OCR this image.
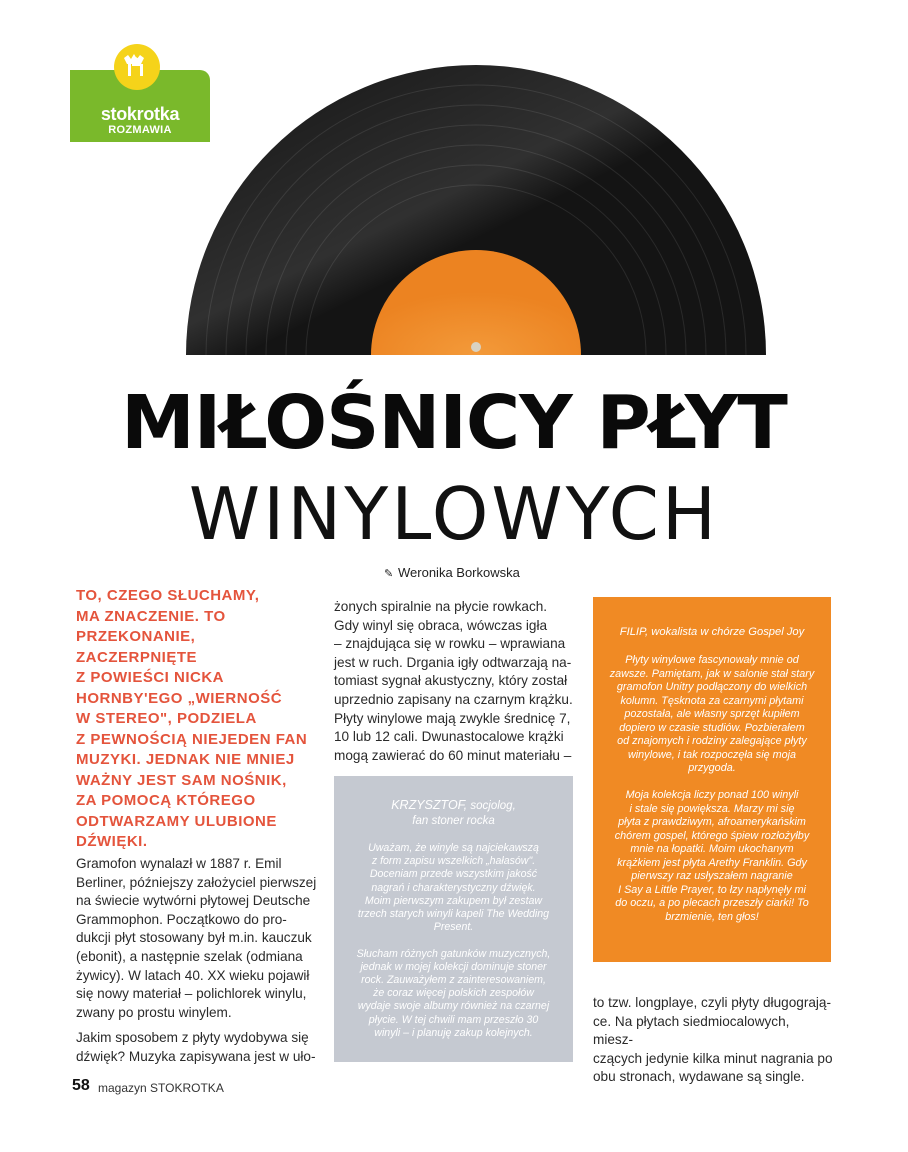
stokrotka
ROZMAWIA
MIŁOŚNICY PŁYT
WINYLOWYCH
✎ Weronika Borkowska
TO, CZEGO SŁUCHAMY,
MA ZNACZENIE. TO
PRZEKONANIE, ZACZERPNIĘTE
Z POWIEŚCI NICKA
HORNBY'EGO „WIERNOŚĆ
W STEREO", PODZIELA
Z PEWNOŚCIĄ NIEJEDEN FAN
MUZYKI. JEDNAK NIE MNIEJ
WAŻNY JEST SAM NOŚNIK,
ZA POMOCĄ KTÓREGO
ODTWARZAMY ULUBIONE
DŹWIĘKI.
Gramofon wynalazł w 1887 r. Emil
Berliner, późniejszy założyciel pierwszej
na świecie wytwórni płytowej Deutsche
Grammophon. Początkowo do pro-
dukcji płyt stosowany był m.in. kauczuk
(ebonit), a następnie szelak (odmiana
żywicy). W latach 40. XX wieku pojawił
się nowy materiał – polichlorek winylu,
zwany po prostu winylem.
Jakim sposobem z płyty wydobywa się
dźwięk? Muzyka zapisywana jest w uło-
żonych spiralnie na płycie rowkach.
Gdy winyl się obraca, wówczas igła
– znajdująca się w rowku – wprawiana
jest w ruch. Drgania igły odtwarzają na-
tomiast sygnał akustyczny, który został
uprzednio zapisany na czarnym krążku.
Płyty winylowe mają zwykle średnicę 7,
10 lub 12 cali. Dwunastocalowe krążki
mogą zawierać do 60 minut materiału –
to tzw. longplaye, czyli płyty długograją-
ce. Na płytach siedmiocalowych, miesz-
czących jedynie kilka minut nagrania po
obu stronach, wydawane są single.
KRZYSZTOF, socjolog,
fan stoner rocka
Uważam, że winyle są najciekawszą
z form zapisu wszelkich „hałasów".
Doceniam przede wszystkim jakość
nagrań i charakterystyczny dźwięk.
Moim pierwszym zakupem był zestaw
trzech starych winyli kapeli The Wedding
Present.

Słucham różnych gatunków muzycznych,
jednak w mojej kolekcji dominuje stoner
rock. Zauważyłem z zainteresowaniem,
że coraz więcej polskich zespołów
wydaje swoje albumy również na czarnej
płycie. W tej chwili mam przeszło 30
winyli – i planuję zakup kolejnych.
FILIP, wokalista w chórze Gospel Joy
Płyty winylowe fascynowały mnie od
zawsze. Pamiętam, jak w salonie stał stary
gramofon Unitry podłączony do wielkich
kolumn. Tęsknota za czarnymi płytami
pozostała, ale własny sprzęt kupiłem
dopiero w czasie studiów. Pozbierałem
od znajomych i rodziny zalegające płyty
winylowe, i tak rozpoczęła się moja
przygoda.

Moja kolekcja liczy ponad 100 winyli
i stale się powiększa. Marzy mi się
płyta z prawdziwym, afroamerykańskim
chórem gospel, którego śpiew rozłożyłby
mnie na łopatki. Moim ukochanym
krążkiem jest płyta Arethy Franklin. Gdy
pierwszy raz usłyszałem nagranie
I Say a Little Prayer, to łzy napłynęły mi
do oczu, a po plecach przeszły ciarki! To
brzmienie, ten głos!
58 magazyn STOKROTKA
